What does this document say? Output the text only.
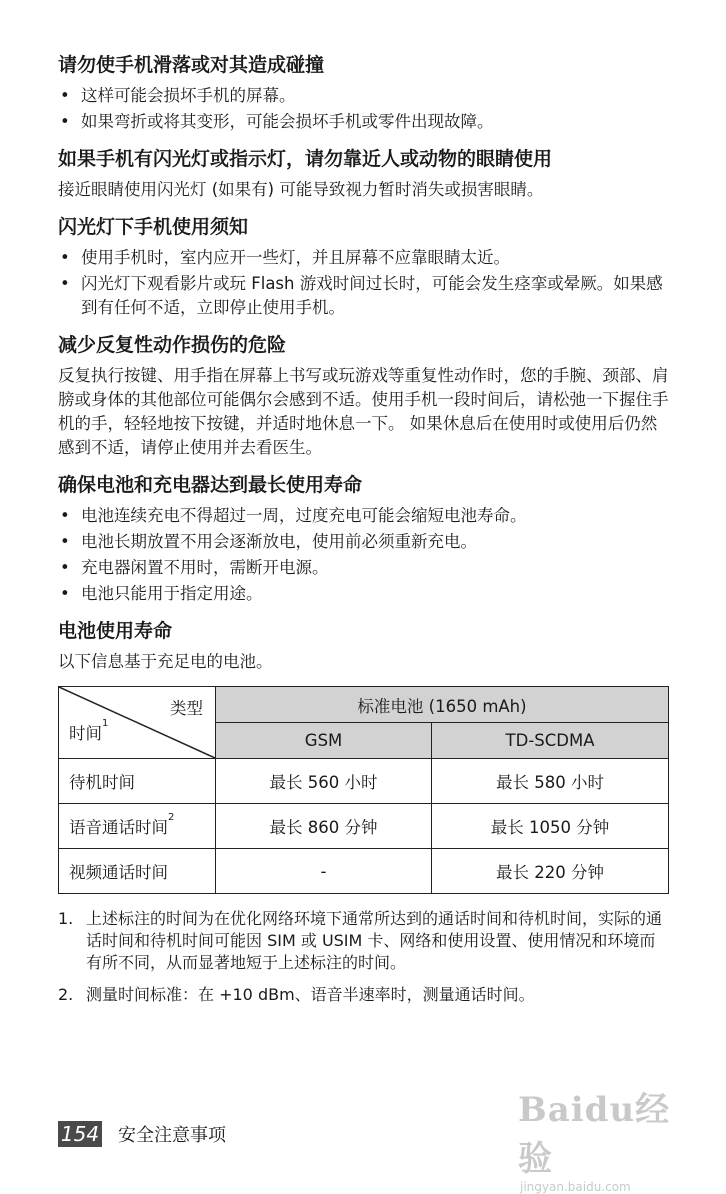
请勿使手机滑落或对其造成碰撞
• 这样可能会损坏手机的屏幕。
• 如果弯折或将其变形，可能会损坏手机或零件出现故障。
如果手机有闪光灯或指示灯，请勿靠近人或动物的眼睛使用

接近眼睛使用闪光灯 (如果有) 可能导致视力暂时消失或损害眼睛。

闪光灯下手机使用须知
• 使用手机时，室内应开一些灯，并且屏幕不应靠眼睛太近。
• 闪光灯下观看影片或玩 Flash 游戏时间过长时，可能会发生痉挛或晕厥。如果感到有任何不适，立即停止使用手机。
减少反复性动作损伤的危险

反复执行按键、用手指在屏幕上书写或玩游戏等重复性动作时，您的手腕、颈部、肩膀或身体的其他部位可能偶尔会感到不适。使用手机一段时间后，请松弛一下握住手机的手，轻轻地按下按键，并适时地休息一下。 如果休息后在使用时或使用后仍然感到不适，请停止使用并去看医生。

确保电池和充电器达到最长使用寿命
• 电池连续充电不得超过一周，过度充电可能会缩短电池寿命。
• 电池长期放置不用会逐渐放电，使用前必须重新充电。
• 充电器闲置不用时，需断开电源。
• 电池只能用于指定用途。
电池使用寿命

以下信息基于充足电的电池。

类型
时间$^1$	标准电池 (1650 mAh)	
	GSM	TD-SCDMA
待机时间	最长 560 小时	最长 580 小时
语音通话时间$^2$	最长 860 分钟	最长 1050 分钟
视频通话时间	-	最长 220 分钟
1. 上述标注的时间为在优化网络环境下通常所达到的通话时间和待机时间，实际的通话时间和待机时间可能因 SIM 或 USIM 卡、网络和使用设置、使用情况和环境而有所不同，从而显著地短于上述标注的时间。
2. 测量时间标准：在 +10 dBm、语音半速率时，测量通话时间。
154 安全注意事项
Baidu经验
jingyan.baidu.com
